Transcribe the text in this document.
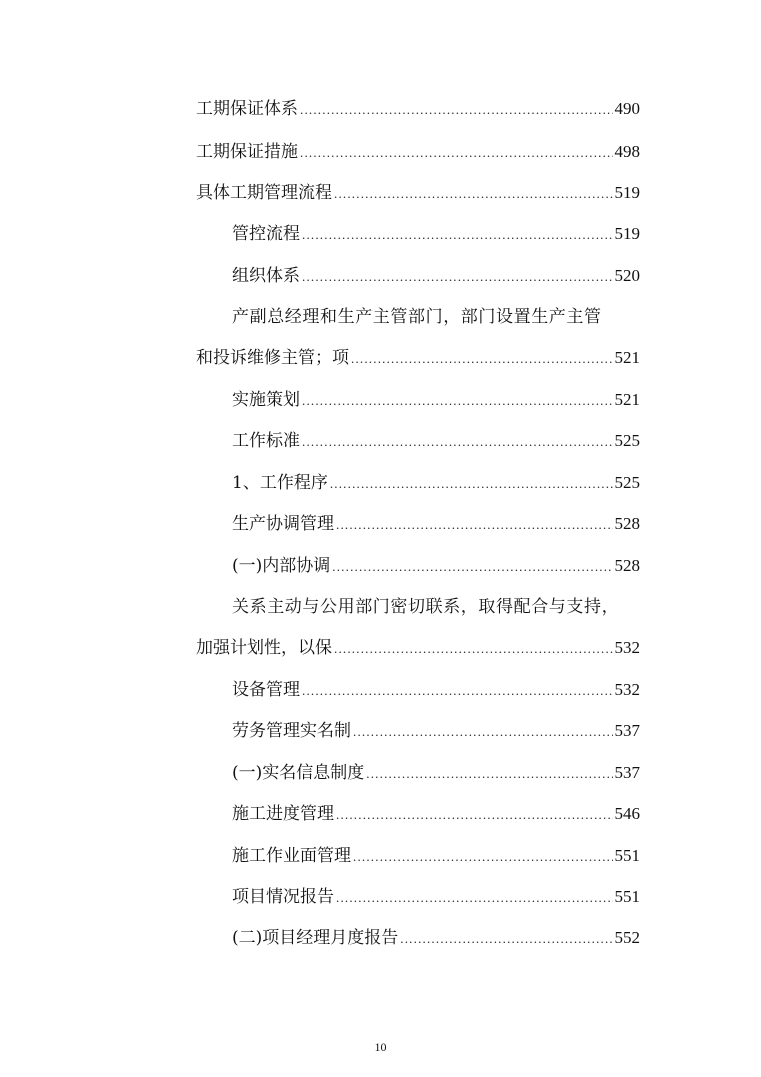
工期保证体系 .....	490
工期保证措施 .....	498
具体工期管理流程 .....	519
管控流程 .....	519
组织体系 .....	520
产副总经理和生产主管部门，部门设置生产主管
和投诉维修主管；项 .....	521
实施策划 .....	521
工作标准 .....	525
1、工作程序 .....	525
生产协调管理 .....	528
(一)内部协调 .....	528
关系主动与公用部门密切联系，取得配合与支持，
加强计划性，以保 .....	532
设备管理 .....	532
劳务管理实名制 .....	537
(一)实名信息制度 .....	537
施工进度管理 .....	546
施工作业面管理 .....	551
项目情况报告 .....	551
(二)项目经理月度报告 .....	552
10
